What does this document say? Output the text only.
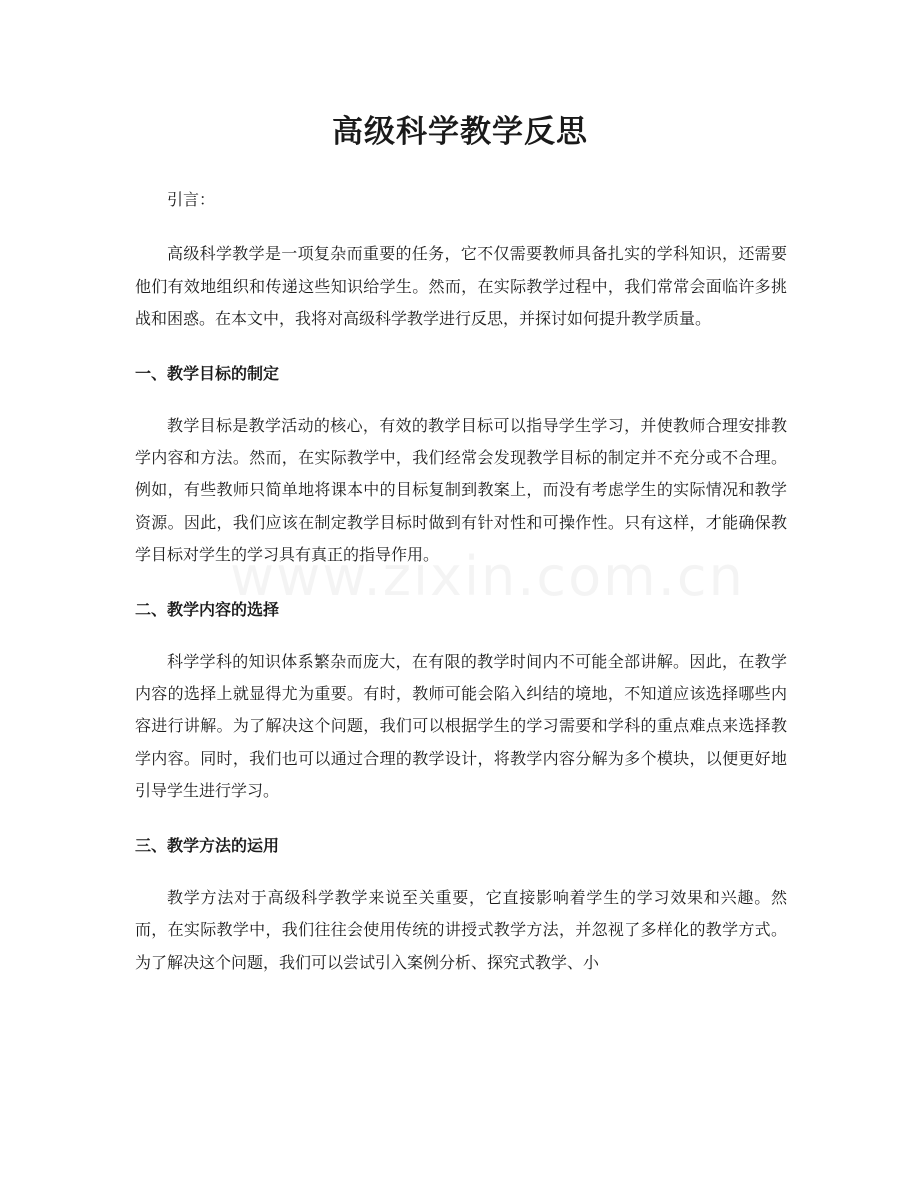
高级科学教学反思

引言：

高级科学教学是一项复杂而重要的任务，它不仅需要教师具备扎实的学科知识，还需要他们有效地组织和传递这些知识给学生。然而，在实际教学过程中，我们常常会面临许多挑战和困惑。在本文中，我将对高级科学教学进行反思，并探讨如何提升教学质量。

一、教学目标的制定

教学目标是教学活动的核心，有效的教学目标可以指导学生学习，并使教师合理安排教学内容和方法。然而，在实际教学中，我们经常会发现教学目标的制定并不充分或不合理。例如，有些教师只简单地将课本中的目标复制到教案上，而没有考虑学生的实际情况和教学资源。因此，我们应该在制定教学目标时做到有针对性和可操作性。只有这样，才能确保教学目标对学生的学习具有真正的指导作用。

二、教学内容的选择

科学学科的知识体系繁杂而庞大，在有限的教学时间内不可能全部讲解。因此，在教学内容的选择上就显得尤为重要。有时，教师可能会陷入纠结的境地，不知道应该选择哪些内容进行讲解。为了解决这个问题，我们可以根据学生的学习需要和学科的重点难点来选择教学内容。同时，我们也可以通过合理的教学设计，将教学内容分解为多个模块，以便更好地引导学生进行学习。

三、教学方法的运用

教学方法对于高级科学教学来说至关重要，它直接影响着学生的学习效果和兴趣。然而，在实际教学中，我们往往会使用传统的讲授式教学方法，并忽视了多样化的教学方式。为了解决这个问题，我们可以尝试引入案例分析、探究式教学、小
